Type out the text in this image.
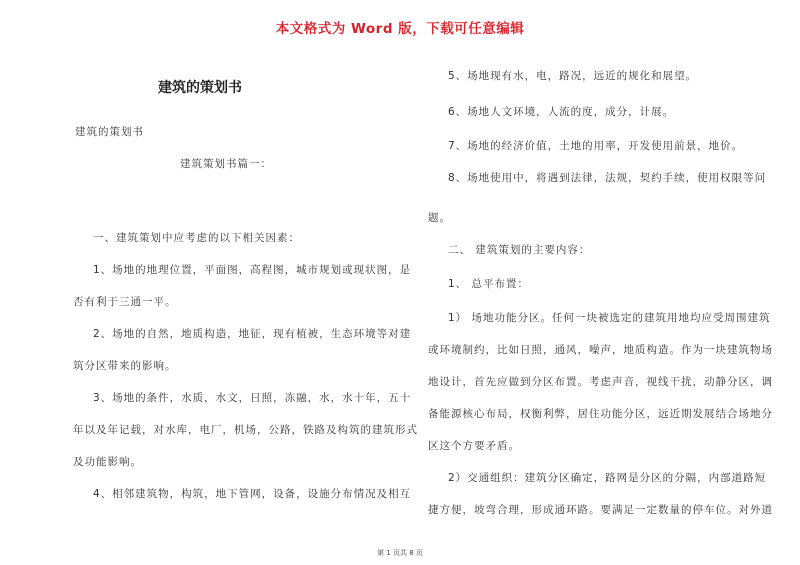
本文格式为 Word 版，下载可任意编辑
建筑的策划书
建筑的策划书
建筑策划书篇一：
一、建筑策划中应考虑的以下相关因素：
1、场地的地理位置，平面图，高程图，城市规划或现状图，是
否有利于三通一平。
2、场地的自然，地质构造，地征，现有植被，生态环境等对建
筑分区带来的影响。
3、场地的条件，水质，水文，日照，冻融，水，水十年，五十
年以及年记载，对水库，电厂，机场，公路，铁路及构筑的建筑形式
及功能影响。
4、相邻建筑物，构筑，地下管网，设备，设施分布情况及相互
5、场地现有水，电，路况，远近的规化和展望。
6、场地人文环境，人流的度，成分，计展。
7、场地的经济价值，土地的用率，开发使用前景，地价。
8、场地使用中，将遇到法律，法规，契约手续，使用权限等问
题。
二、 建筑策划的主要内容：
1、 总平布置：
1） 场地功能分区。任何一块被选定的建筑用地均应受周围建筑
或环境制约，比如日照，通风，噪声，地质构造。作为一块建筑物场
地设计，首先应做到分区布置。考虑声音，视线干扰，动静分区，调
备能源核心布局，权衡利弊，居住功能分区，远近期发展结合场地分
区这个方要矛盾。
2）交通组织：建筑分区确定，路网是分区的分隔，内部道路短
捷方便，坡弯合理，形成通环路。要满足一定数量的停车位。对外道
第 1 页共 8 页
